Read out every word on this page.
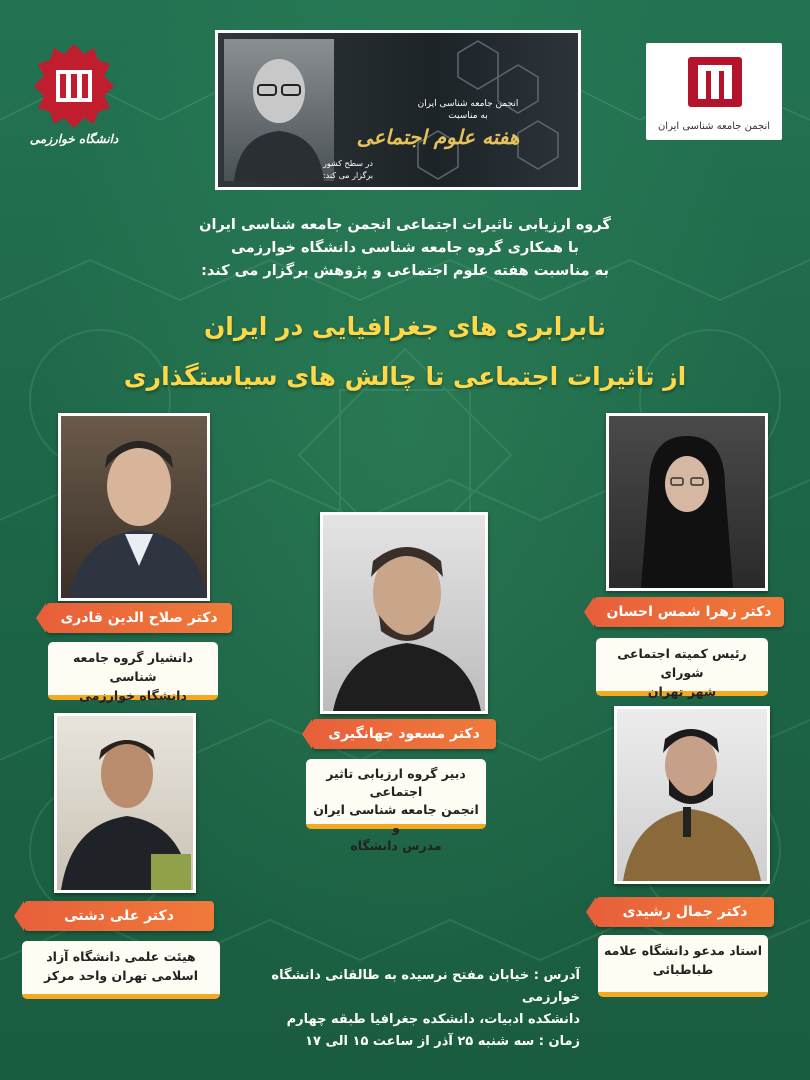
دانشگاه خوارزمی
انجمن جامعه شناسی ایران
انجمن جامعه شناسی ایران
به مناسبت
هفته علوم اجتماعی
در سطح کشور
برگزار می کند:
گروه ارزیابی تاثیرات اجتماعی انجمن جامعه شناسی ایران
با همکاری گروه جامعه شناسی دانشگاه خوارزمی
به مناسبت هفته علوم اجتماعی و پژوهش برگزار می کند:
نابرابری های جغرافیایی در ایران
از تاثیرات اجتماعی تا چالش های سیاستگذاری
دکتر صلاح الدین قادری
دانشیار گروه جامعه شناسی
دانشگاه خوارزمی
دکتر زهرا شمس احسان
رئیس کمیته اجتماعی شورای
شهر تهران
دکتر مسعود جهانگیری
دبیر گروه ارزیابی تاثیر اجتماعی
انجمن جامعه شناسی ایران و
مدرس دانشگاه
دکتر علی دشتی
هیئت علمی دانشگاه آزاد
اسلامی تهران واحد مرکز
دکتر جمال رشیدی
استاد مدعو دانشگاه علامه
طباطبائی
آدرس : خیابان مفتح نرسیده به طالقانی دانشگاه خوارزمی
دانشکده ادبیات، دانشکده جغرافیا طبقه چهارم
زمان : سه شنبه ۲۵ آذر از ساعت ۱۵ الی ۱۷
